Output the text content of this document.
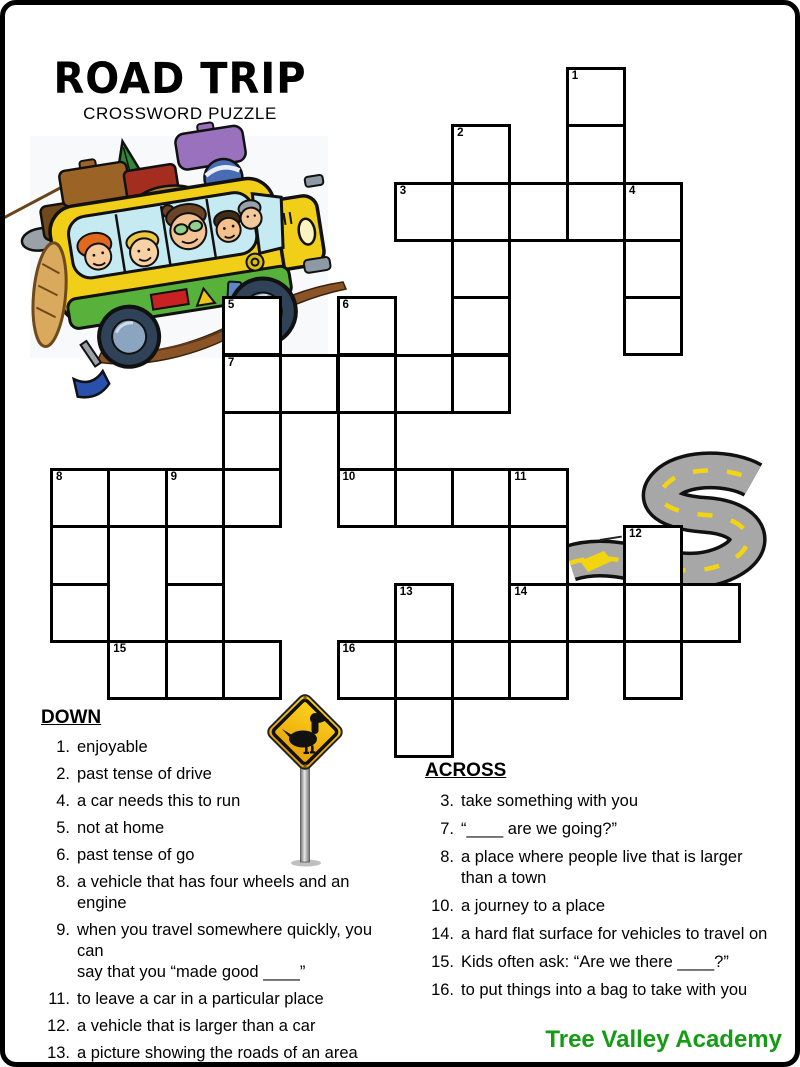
ROAD TRIP
CROSSWORD PUZZLE
1
2
3	4
5	6
7
8	9	10	11
12
13	14
15	16
DOWN
1. enjoyable
2. past tense of drive
4. a car needs this to run
5. not at home
6. past tense of go
8. a vehicle that has four wheels and an engine
9. when you travel somewhere quickly, you can
say that you “made good ____”
11. to leave a car in a particular place
12. a vehicle that is larger than a car
13. a picture showing the roads of an area
ACROSS
3. take something with you
7. “____ are we going?”
8. a place where people live that is larger
than a town
10. a journey to a place
14. a hard flat surface for vehicles to travel on
15. Kids often ask: “Are we there ____?”
16. to put things into a bag to take with you
Tree Valley Academy
